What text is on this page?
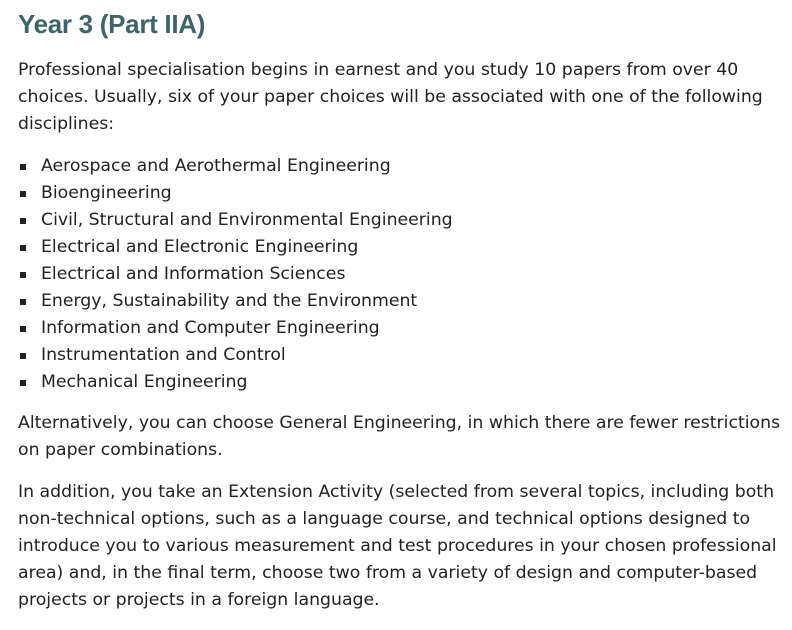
Year 3 (Part IIA)

Professional specialisation begins in earnest and you study 10 papers from over 40 choices. Usually, six of your paper choices will be associated with one of the following disciplines:

Aerospace and Aerothermal Engineering
Bioengineering
Civil, Structural and Environmental Engineering
Electrical and Electronic Engineering
Electrical and Information Sciences
Energy, Sustainability and the Environment
Information and Computer Engineering
Instrumentation and Control
Mechanical Engineering

Alternatively, you can choose General Engineering, in which there are fewer restrictions on paper combinations.

In addition, you take an Extension Activity (selected from several topics, including both non-technical options, such as a language course, and technical options designed to introduce you to various measurement and test procedures in your chosen professional area) and, in the final term, choose two from a variety of design and computer-based projects or projects in a foreign language.
